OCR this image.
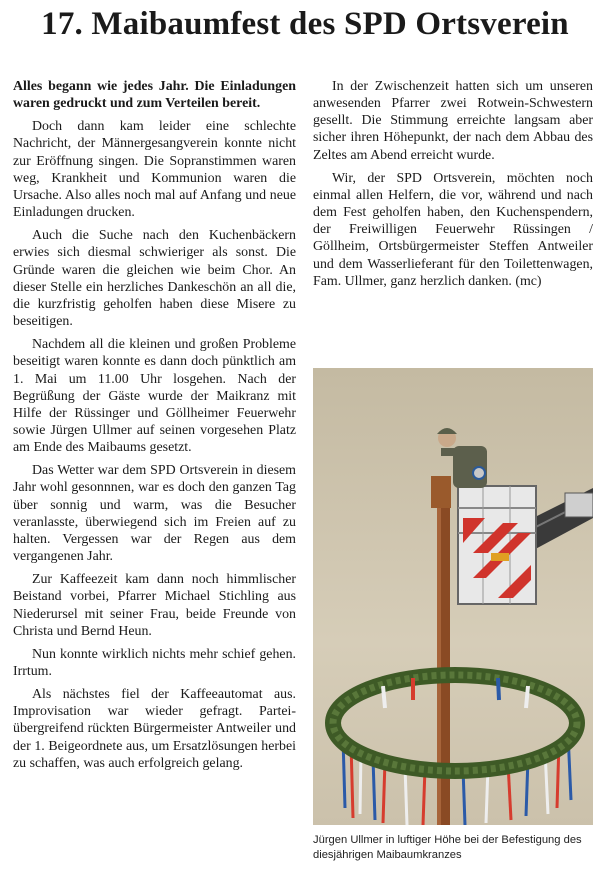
17. Maibaumfest des SPD Ortsverein

Alles begann wie jedes Jahr. Die Einladungen waren gedruckt und zum Verteilen bereit.

Doch dann kam leider eine schlechte Nachricht, der Männergesangverein konnte nicht zur Eröffnung singen. Die Sopranstimmen waren weg, Krankheit und Kommunion waren die Ursache. Also alles noch mal auf Anfang und neue Einladungen drucken.

Auch die Suche nach den Kuchenbäckern erwies sich diesmal schwieriger als sonst. Die Gründe waren die gleichen wie beim Chor. An dieser Stelle ein herzliches Dankeschön an all die, die kurzfristig geholfen haben diese Misere zu beseitigen.

Nachdem all die kleinen und großen Probleme beseitigt waren konnte es dann doch pünktlich am 1. Mai um 11.00 Uhr losgehen. Nach der Begrüßung der Gäste wurde der Maikranz mit Hilfe der Rüssinger und Göllheimer Feuerwehr sowie Jürgen Ullmer auf seinen vorgesehen Platz am Ende des Maibaums gesetzt.

Das Wetter war dem SPD Ortsverein in diesem Jahr wohl gesonnnen, war es doch den ganzen Tag über sonnig und warm, was die Besucher veranlasste, überwiegend sich im Freien auf zu halten. Vergessen war der Regen aus dem vergangenen Jahr.

Zur Kaffeezeit kam dann noch himmlischer Beistand vorbei, Pfarrer Michael Stichling aus Niederursel mit seiner Frau, beide Freunde von Christa und Bernd Heun.

Nun konnte wirklich nichts mehr schief gehen. Irrtum.

Als nächstes fiel der Kaffeeautomat aus. Improvisation war wieder gefragt. Parteiübergreifend rückten Bürgermeister Antweiler und der 1. Beigeordnete aus, um Ersatzlösungen herbei zu schaffen, was auch erfolgreich gelang.

In der Zwischenzeit hatten sich um unseren anwesenden Pfarrer zwei Rotwein-Schwestern gesellt. Die Stimmung erreichte langsam aber sicher ihren Höhepunkt, der nach dem Abbau des Zeltes am Abend erreicht wurde.

Wir, der SPD Ortsverein, möchten noch einmal allen Helfern, die vor, während und nach dem Fest geholfen haben, den Kuchenspendern, der Freiwilligen Feuerwehr Rüssingen / Göllheim, Ortsbürgermeister Steffen Antweiler und dem Wasserlieferant für den Toilettenwagen, Fam. Ullmer, ganz herzlich danken. (mc)

Jürgen Ullmer in luftiger Höhe bei der Befestigung des diesjährigen Maibaumkranzes
